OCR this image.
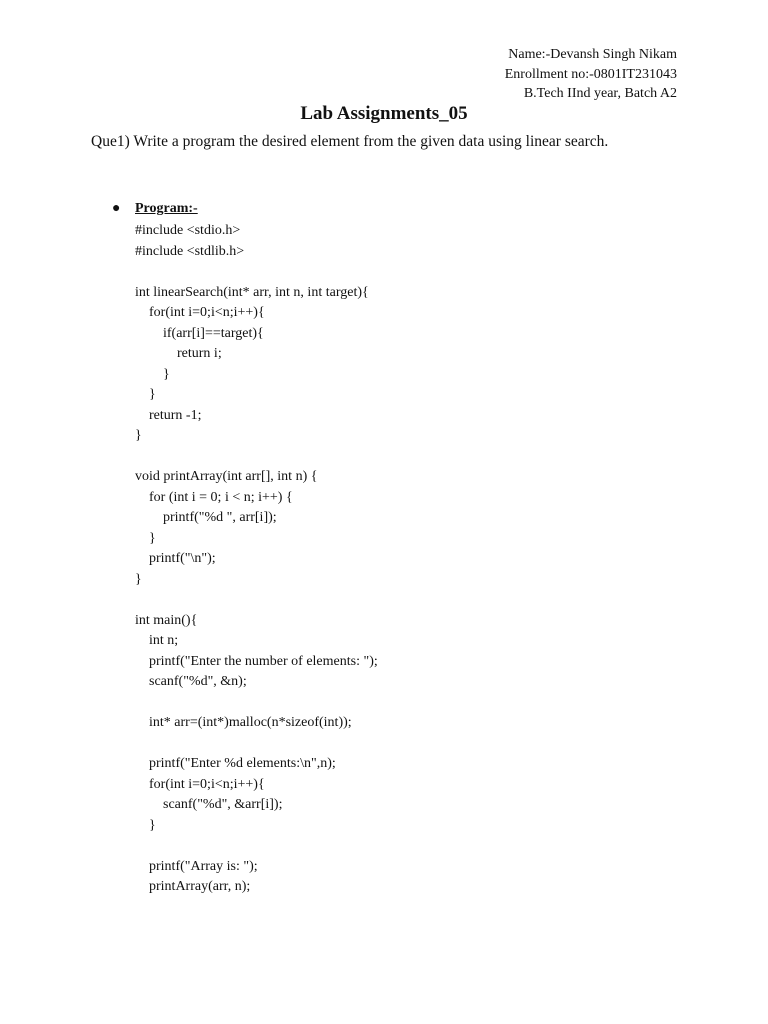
Name:-Devansh Singh Nikam
Enrollment no:-0801IT231043
B.Tech IInd year, Batch A2
Lab Assignments_05
Que1) Write a program the desired element from the given data using linear search.
● Program:-
#include <stdio.h>
#include <stdlib.h>
int linearSearch(int* arr, int n, int target){
for(int i=0;i<n;i++){
if(arr[i]==target){
return i;
}
}
return -1;
}
void printArray(int arr[], int n) {
for (int i = 0; i < n; i++) {
printf("%d ", arr[i]);
}
printf("\n");
}
int main(){
int n;
printf("Enter the number of elements: ");
scanf("%d", &n);
int* arr=(int*)malloc(n*sizeof(int));
printf("Enter %d elements:\n",n);
for(int i=0;i<n;i++){
scanf("%d", &arr[i]);
}
printf("Array is: ");
printArray(arr, n);
